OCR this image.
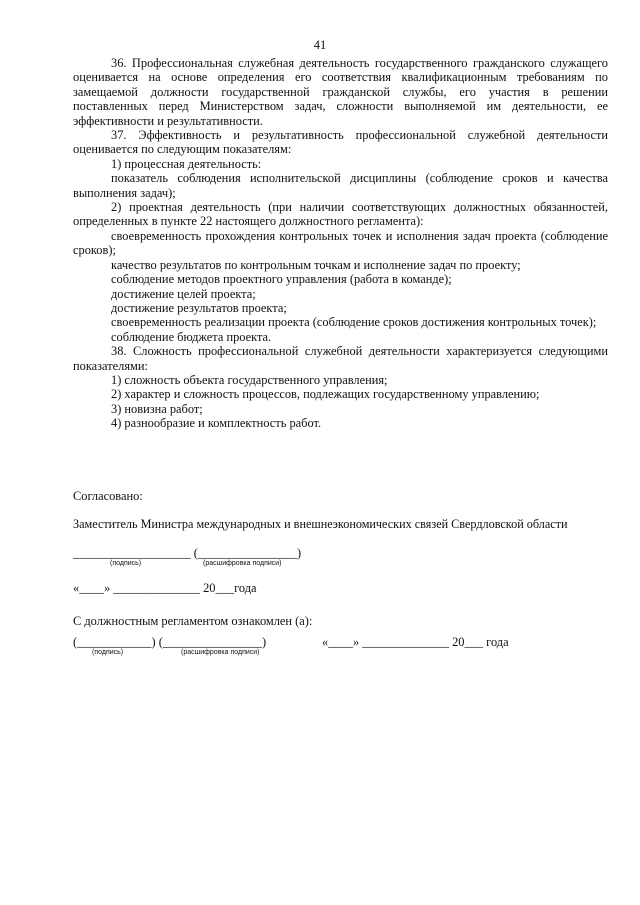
41

36. Профессиональная служебная деятельность государственного гражданского служащего оценивается на основе определения его соответствия квалификационным требованиям по замещаемой должности государственной гражданской службы, его участия в решении поставленных перед Министерством задач, сложности выполняемой им деятельности, ее эффективности и результативности.

37. Эффективность и результативность профессиональной служебной деятельности оценивается по следующим показателям:

1) процессная деятельность:

показатель соблюдения исполнительской дисциплины (соблюдение сроков и качества выполнения задач);

2) проектная деятельность (при наличии соответствующих должностных обязанностей, определенных в пункте 22 настоящего должностного регламента):

своевременность прохождения контрольных точек и исполнения задач проекта (соблюдение сроков);

качество результатов по контрольным точкам и исполнение задач по проекту;

соблюдение методов проектного управления (работа в команде);

достижение целей проекта;

достижение результатов проекта;

своевременность реализации проекта (соблюдение сроков достижения контрольных точек);

соблюдение бюджета проекта.

38. Сложность профессиональной служебной деятельности характеризуется следующими показателями:

1) сложность объекта государственного управления;

2) характер и сложность процессов, подлежащих государственному управлению;

3) новизна работ;

4) разнообразие и комплектность работ.

Согласовано:
Заместитель Министра международных и внешнеэкономических связей Свердловской области
___________________ (________________)
(подпись)	(расшифровка подписи)
«____» ______________ 20___года
С должностным регламентом ознакомлен (а):
(____________) (________________)
(подпись)	(расшифровка подписи)
«____» ______________ 20___ года
